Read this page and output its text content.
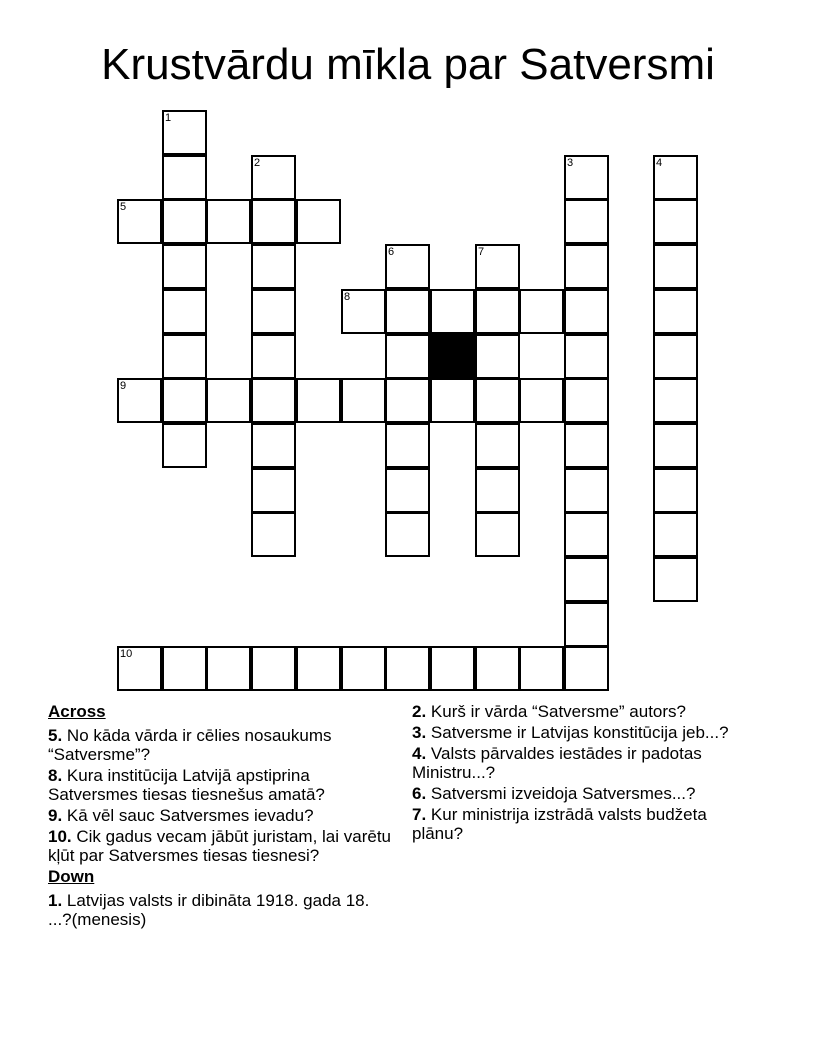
Krustvārdu mīkla par Satversmi
1
2	3	4
5
6	7
8
9
10
Across
5. No kāda vārda ir cēlies nosaukums “Satversme”?
8. Kura institūcija Latvijā apstiprina Satversmes tiesas tiesnešus amatā?
9. Kā vēl sauc Satversmes ievadu?
10. Cik gadus vecam jābūt juristam, lai varētu kļūt par Satversmes tiesas tiesnesi?
Down
1. Latvijas valsts ir dibināta 1918. gada 18. ...?(menesis)
2. Kurš ir vārda “Satversme” autors?
3. Satversme ir Latvijas konstitūcija jeb...?
4. Valsts pārvaldes iestādes ir padotas Ministru...?
6. Satversmi izveidoja Satversmes...?
7. Kur ministrija izstrādā valsts budžeta plānu?
